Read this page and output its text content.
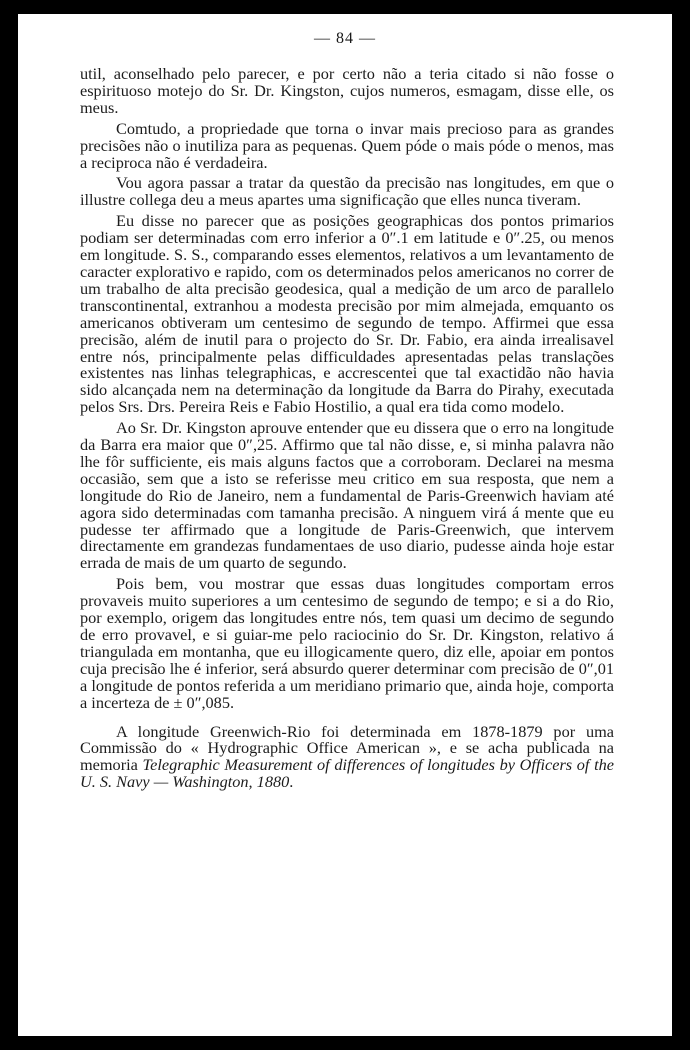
— 84 —

util, aconselhado pelo parecer, e por certo não a teria citado si não fosse o espirituoso motejo do Sr. Dr. Kingston, cujos numeros, esmagam, disse elle, os meus.

Comtudo, a propriedade que torna o invar mais precioso para as grandes precisões não o inutiliza para as pequenas. Quem póde o mais póde o menos, mas a reciproca não é verdadeira.

Vou agora passar a tratar da questão da precisão nas longitudes, em que o illustre collega deu a meus apartes uma significação que elles nunca tiveram.

Eu disse no parecer que as posições geographicas dos pontos primarios podiam ser determinadas com erro inferior a 0″.1 em latitude e 0″.25, ou menos em longitude. S. S., comparando esses elementos, relativos a um levantamento de caracter explorativo e rapido, com os determinados pelos americanos no correr de um trabalho de alta precisão geodesica, qual a medição de um arco de parallelo transcontinental, extranhou a modesta precisão por mim almejada, emquanto os americanos obtiveram um centesimo de segundo de tempo. Affirmei que essa precisão, além de inutil para o projecto do Sr. Dr. Fabio, era ainda irrealisavel entre nós, principalmente pelas difficuldades apresentadas pelas translações existentes nas linhas telegraphicas, e accrescentei que tal exactidão não havia sido alcançada nem na determinação da longitude da Barra do Pirahy, executada pelos Srs. Drs. Pereira Reis e Fabio Hostilio, a qual era tida como modelo.

Ao Sr. Dr. Kingston aprouve entender que eu dissera que o erro na longitude da Barra era maior que 0″,25. Affirmo que tal não disse, e, si minha palavra não lhe fôr sufficiente, eis mais alguns factos que a corroboram. Declarei na mesma occasião, sem que a isto se referisse meu critico em sua resposta, que nem a longitude do Rio de Janeiro, nem a fundamental de Paris-Greenwich haviam até agora sido determinadas com tamanha precisão. A ninguem virá á mente que eu pudesse ter affirmado que a longitude de Paris-Greenwich, que intervem directamente em grandezas fundamentaes de uso diario, pudesse ainda hoje estar errada de mais de um quarto de segundo.

Pois bem, vou mostrar que essas duas longitudes comportam erros provaveis muito superiores a um centesimo de segundo de tempo; e si a do Rio, por exemplo, origem das longitudes entre nós, tem quasi um decimo de segundo de erro provavel, e si guiar-me pelo raciocinio do Sr. Dr. Kingston, relativo á triangulada em montanha, que eu illogicamente quero, diz elle, apoiar em pontos cuja precisão lhe é inferior, será absurdo querer determinar com precisão de 0″,01 a longitude de pontos referida a um meridiano primario que, ainda hoje, comporta a incerteza de ± 0″,085.

A longitude Greenwich-Rio foi determinada em 1878-1879 por uma Commissão do « Hydrographic Office American », e se acha publicada na memoria Telegraphic Measurement of differences of longitudes by Officers of the U. S. Navy — Washington, 1880.
